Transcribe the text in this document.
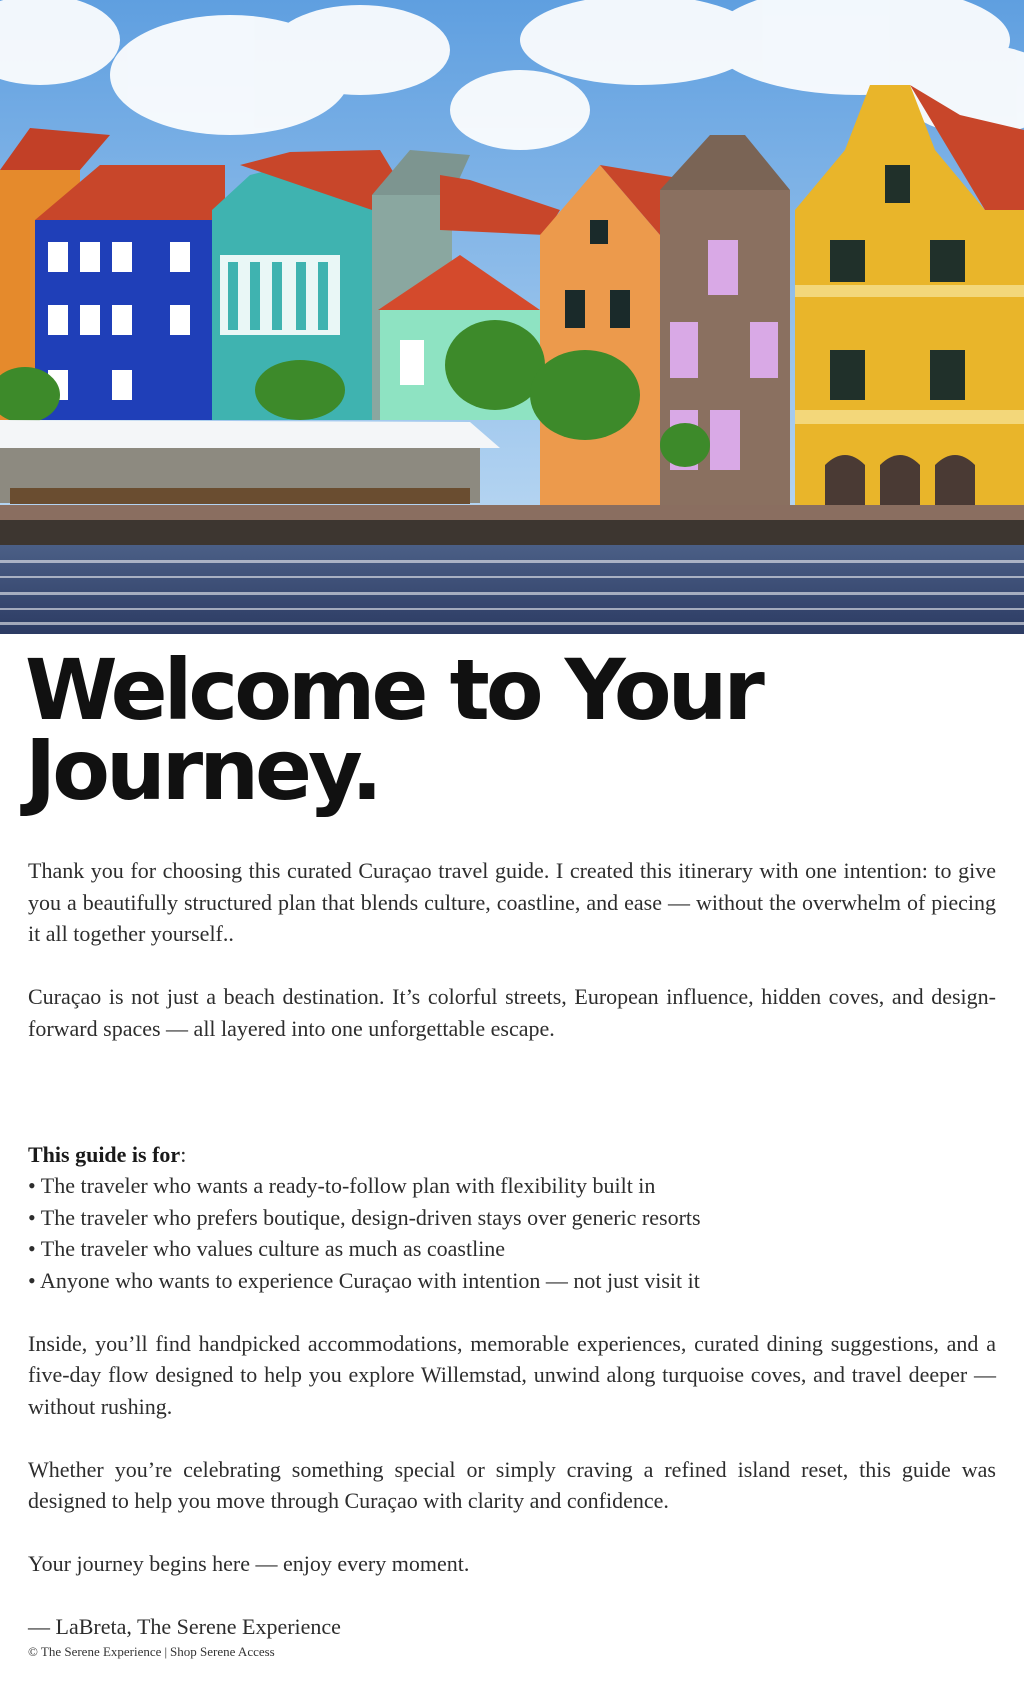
Welcome to Your
Journey.

Thank you for choosing this curated Curaçao travel guide. I created this itinerary with one intention: to give you a beautifully structured plan that blends culture, coastline, and ease — without the overwhelm of piecing it all together yourself..

Curaçao is not just a beach destination. It’s colorful streets, European influence, hidden coves, and design-forward spaces — all layered into one unforgettable escape.

This guide is for:

• The traveler who wants a ready-to-follow plan with flexibility built in
• The traveler who prefers boutique, design-driven stays over generic resorts
• The traveler who values culture as much as coastline
• Anyone who wants to experience Curaçao with intention — not just visit it

Inside, you’ll find handpicked accommodations, memorable experiences, curated dining suggestions, and a five-day flow designed to help you explore Willemstad, unwind along turquoise coves, and travel deeper — without rushing.

Whether you’re celebrating something special or simply craving a refined island reset, this guide was designed to help you move through Curaçao with clarity and confidence.

Your journey begins here — enjoy every moment.

— LaBreta, The Serene Experience

© The Serene Experience | Shop Serene Access
